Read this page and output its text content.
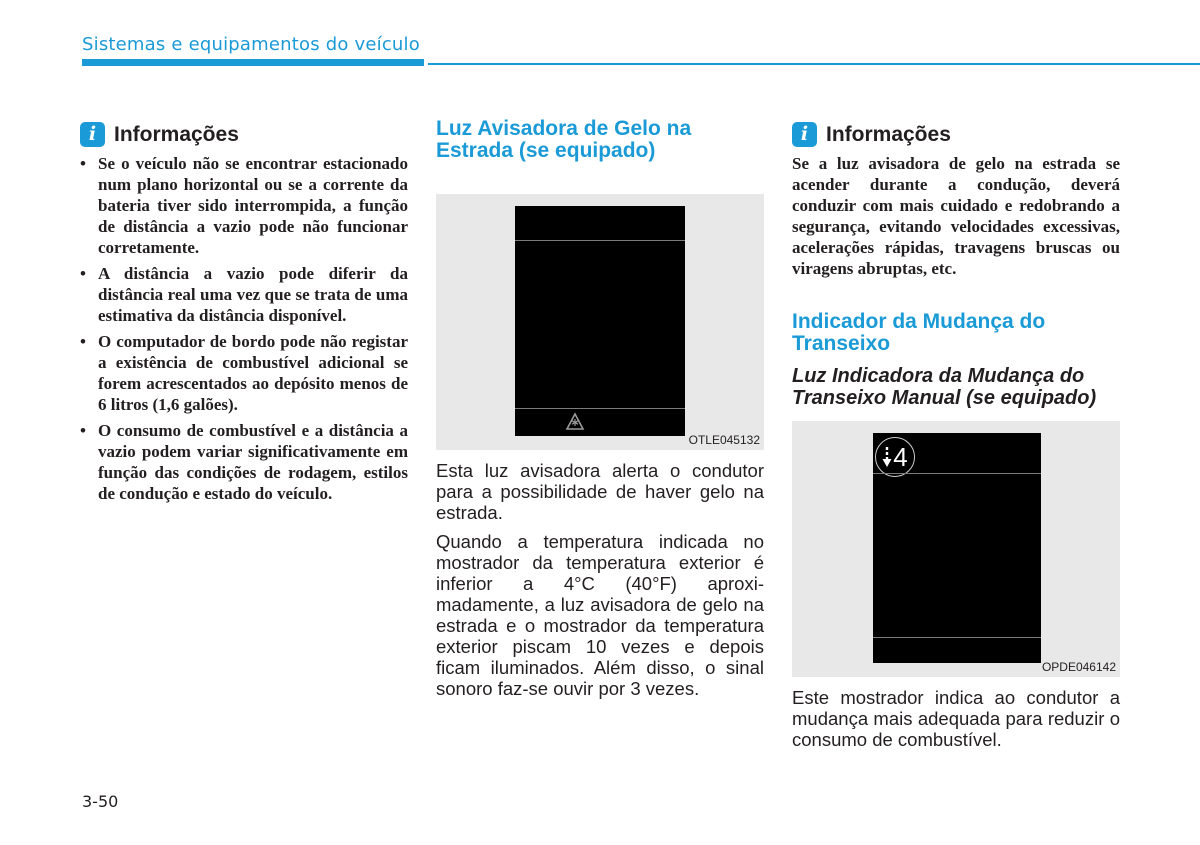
Sistemas e equipamentos do veículo
i Informações
• Se o veículo não se encontrar estacionado num plano horizontal ou se a corrente da bateria tiver sido interrompida, a função de distância a vazio pode não funcionar corretamente.
• A distância a vazio pode diferir da distância real uma vez que se trata de uma estimativa da distância disponível.
• O computador de bordo pode não registar a existência de combustível adicional se forem acrescentados ao depósito menos de 6 litros (1,6 galões).
• O consumo de combustível e a distância a vazio podem variar significativamente em função das condições de rodagem, estilos de condução e estado do veículo.
Luz Avisadora de Gelo na Estrada (se equipado)
OTLE045132

Esta luz avisadora alerta o condutor para a possibilidade de haver gelo na estrada.

Quando a temperatura indicada no mostrador da temperatura exterior é inferior a 4°C (40°F) aproxi-madamente, a luz avisadora de gelo na estrada e o mostrador da temperatura exterior piscam 10 vezes e depois ficam iluminados. Além disso, o sinal sonoro faz-se ouvir por 3 vezes.

i Informações

Se a luz avisadora de gelo na estrada se acender durante a condução, deverá conduzir com mais cuidado e redobrando a segurança, evitando velocidades excessivas, acelerações rápidas, travagens bruscas ou viragens abruptas, etc.

Indicador da Mudança do Transeixo
Luz Indicadora da Mudança do Transeixo Manual (se equipado)
4
OPDE046142

Este mostrador indica ao condutor a mudança mais adequada para reduzir o consumo de combustível.

3-50
